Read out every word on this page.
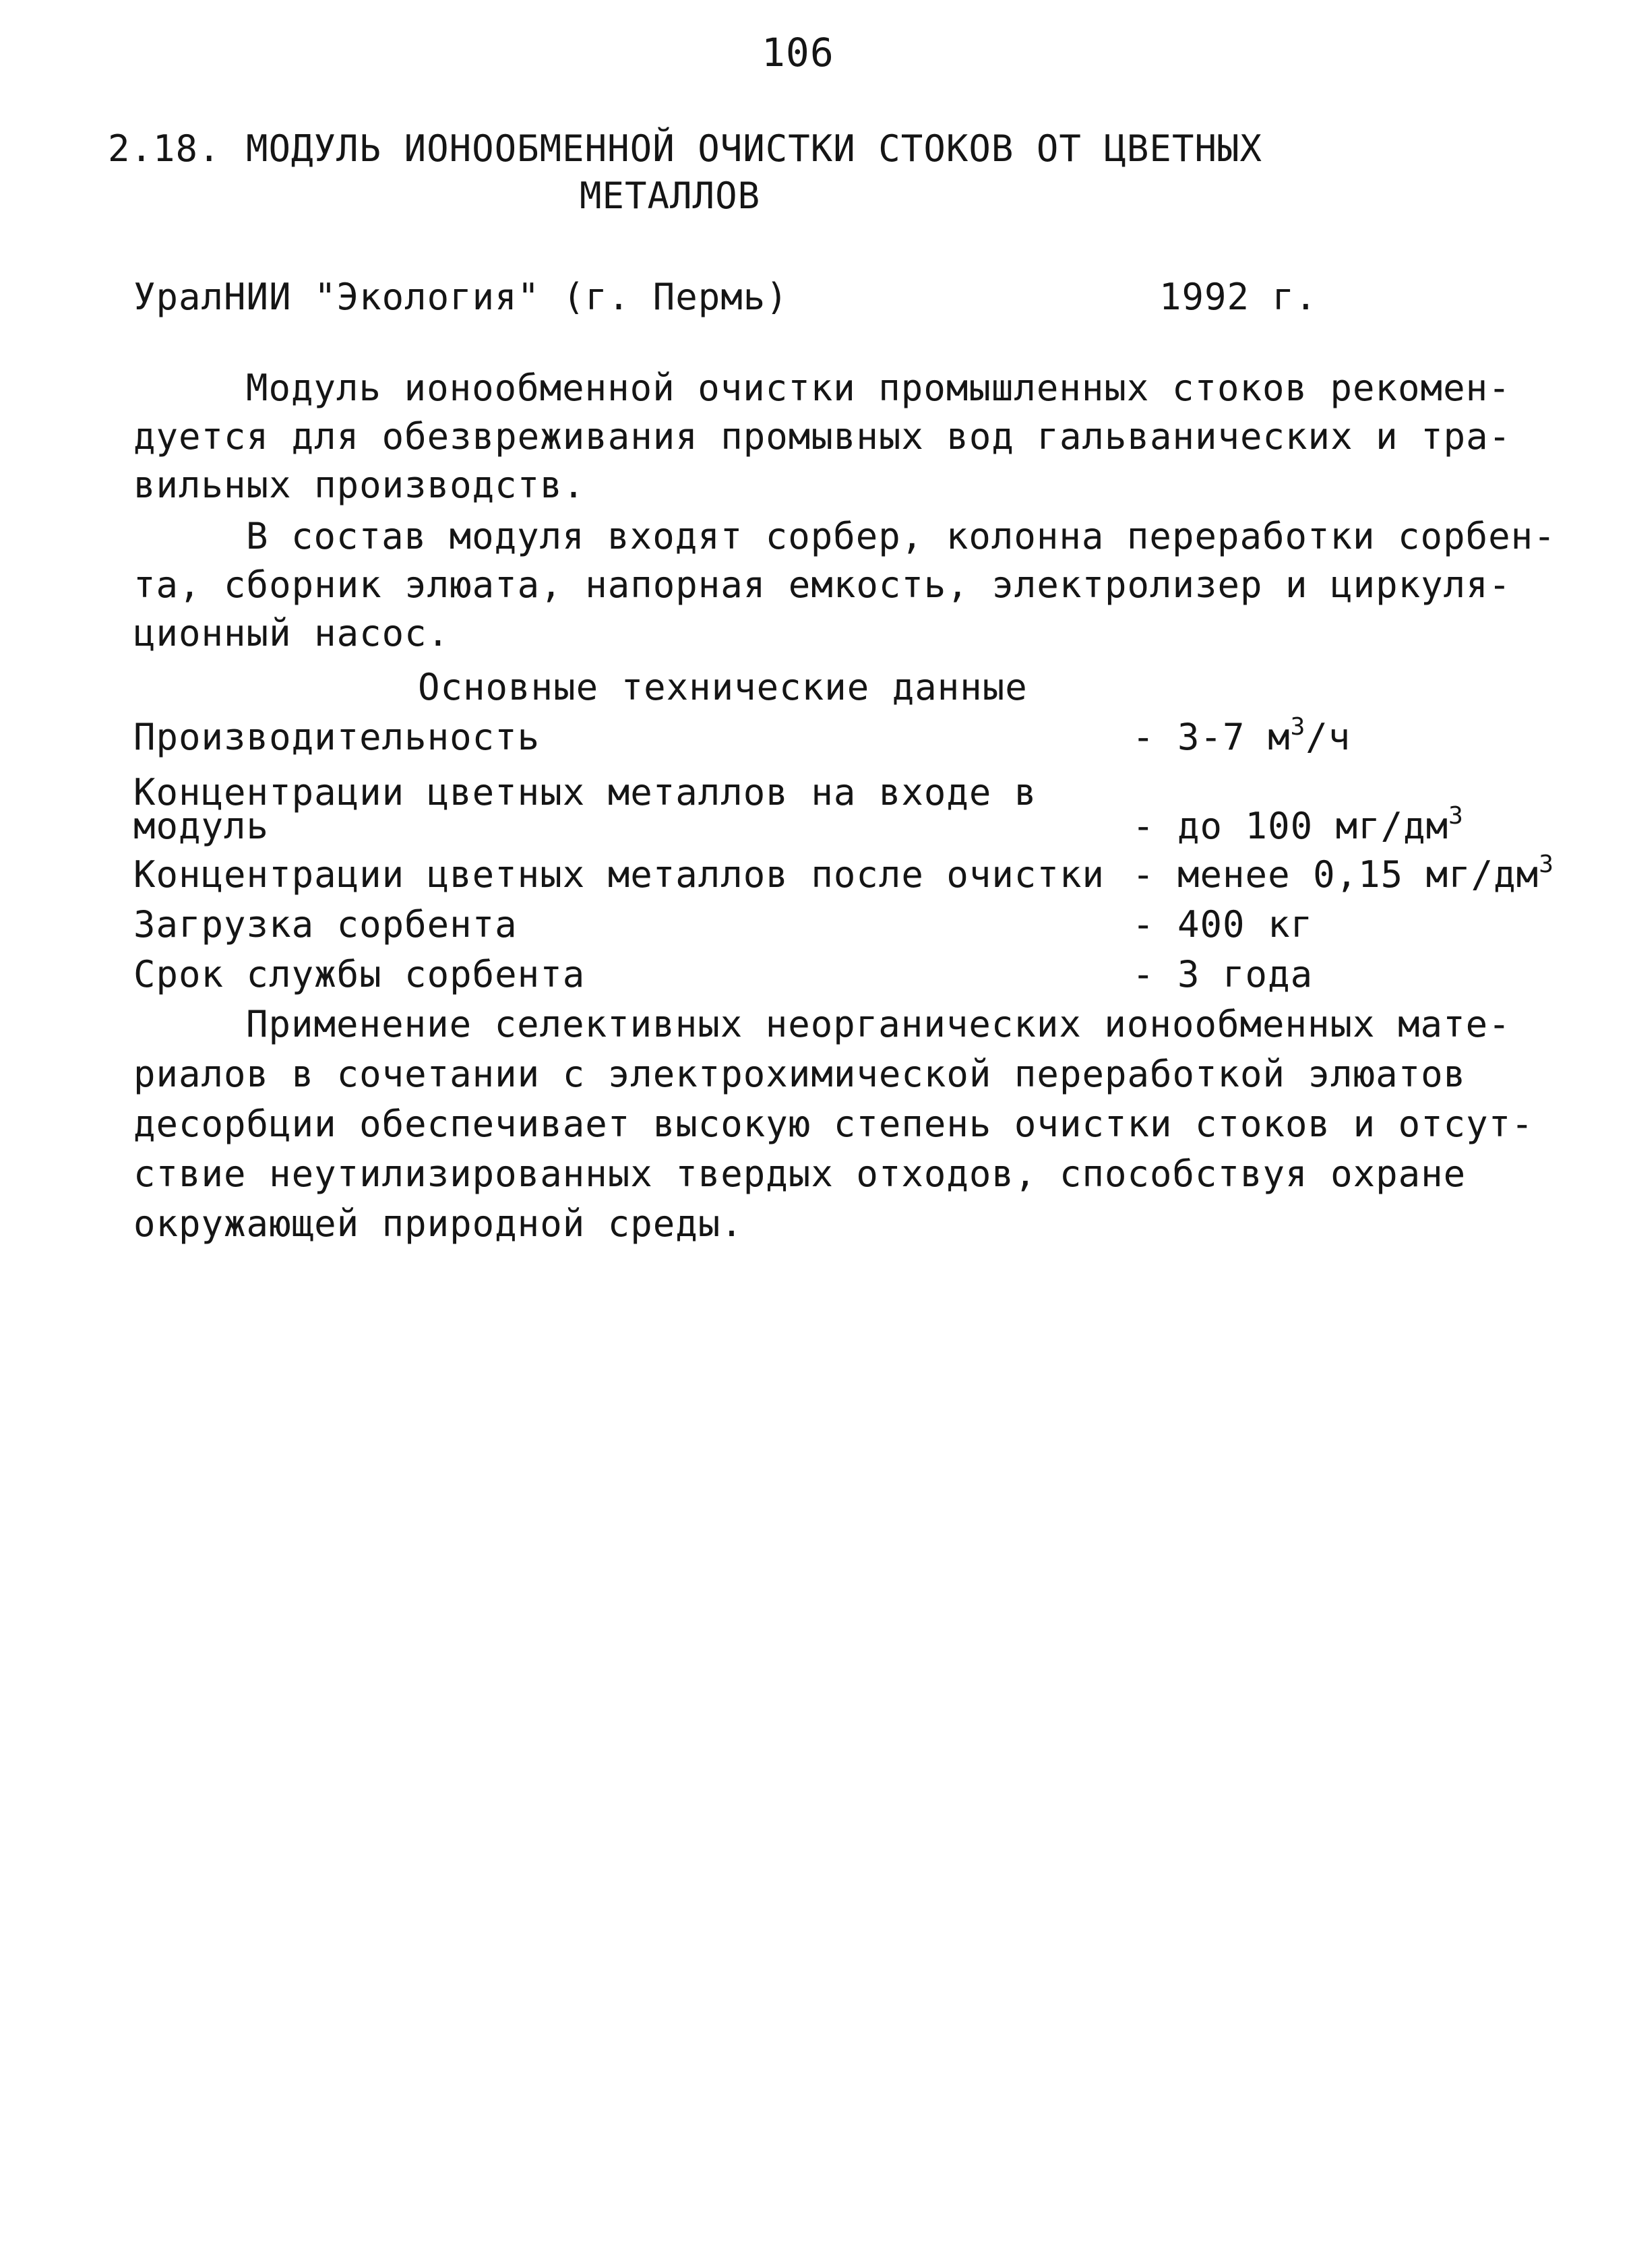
106
2.18. МОДУЛЬ ИОНООБМЕННОЙ ОЧИСТКИ СТОКОВ ОТ ЦВЕТНЫХ
МЕТАЛЛОВ
УралНИИ "Экология" (г. Пермь)	1992 г.
Модуль ионообменной очистки промышленных стоков рекомен-
дуется для обезвреживания промывных вод гальванических и тра-
вильных производств.
В состав модуля входят сорбер, колонна переработки сорбен-
та, сборник элюата, напорная емкость, электролизер и циркуля-
ционный насос.
Основные технические данные
Производительность	- 3-7 $м^3/ч$
Концентрации цветных металлов на входе в
модуль	- до 100 $мг/дм^3$
Концентрации цветных металлов после очистки - менее 0,15 $мг/дм^3$
Загрузка сорбента	- 400 кг
Срок службы сорбента	- 3 года
Применение селективных неорганических ионообменных мате-
риалов в сочетании с электрохимической переработкой элюатов
десорбции обеспечивает высокую степень очистки стоков и отсут-
ствие неутилизированных твердых отходов, способствуя охране
окружающей природной среды.
